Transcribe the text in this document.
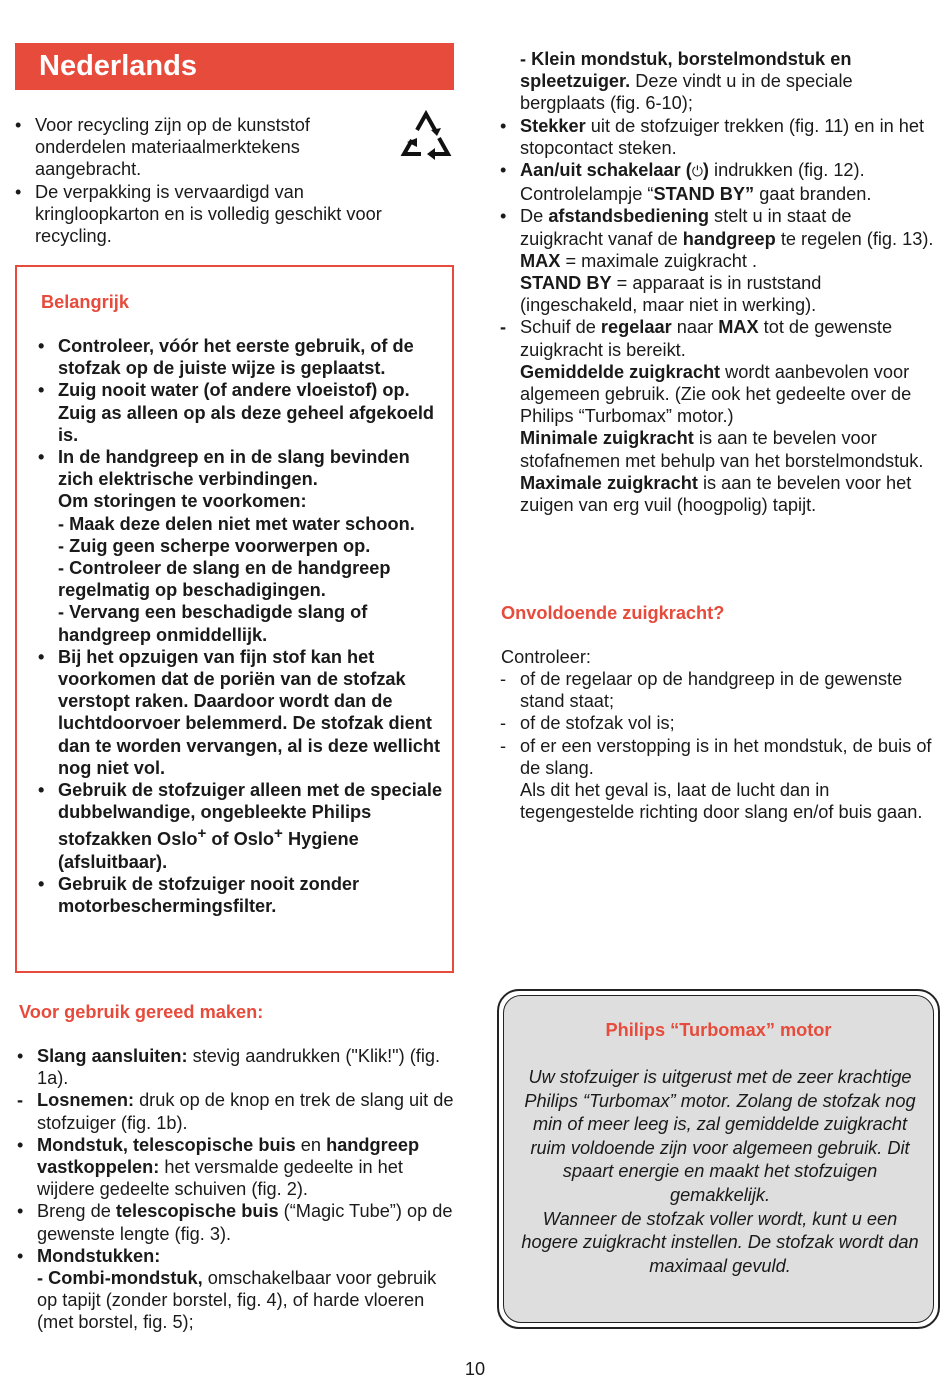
Nederlands
• Voor recycling zijn op de kunststof onderdelen materiaalmerktekens aangebracht.
• De verpakking is vervaardigd van kringloopkarton en is volledig geschikt voor recycling.
Belangrijk
• Controleer, vóór het eerste gebruik, of de stofzak op de juiste wijze is geplaatst.
• Zuig nooit water (of andere vloeistof) op. Zuig as alleen op als deze geheel afgekoeld is.
• In de handgreep en in de slang bevinden zich elektrische verbindingen.
Om storingen te voorkomen:
- Maak deze delen niet met water schoon.
- Zuig geen scherpe voorwerpen op.
- Controleer de slang en de handgreep regelmatig op beschadigingen.
- Vervang een beschadigde slang of handgreep onmiddellijk.
• Bij het opzuigen van fijn stof kan het voorkomen dat de poriën van de stofzak verstopt raken. Daardoor wordt dan de luchtdoorvoer belemmerd. De stofzak dient dan te worden vervangen, al is deze wellicht nog niet vol.
• Gebruik de stofzuiger alleen met de speciale dubbelwandige, ongebleekte Philips stofzakken Oslo+ of Oslo+ Hygiene (afsluitbaar).
• Gebruik de stofzuiger nooit zonder motorbeschermingsfilter.
Voor gebruik gereed maken:
• Slang aansluiten: stevig aandrukken ("Klik!") (fig. 1a).
- Losnemen: druk op de knop en trek de slang uit de stofzuiger (fig. 1b).
• Mondstuk, telescopische buis en handgreep vastkoppelen: het versmalde gedeelte in het wijdere gedeelte schuiven (fig. 2).
• Breng de telescopische buis (“Magic Tube”) op de gewenste lengte (fig. 3).
• Mondstukken:
- Combi-mondstuk, omschakelbaar voor gebruik op tapijt (zonder borstel, fig. 4), of harde vloeren (met borstel, fig. 5);
- Klein mondstuk, borstelmondstuk en spleetzuiger. Deze vindt u in de speciale bergplaats (fig. 6-10);
• Stekker uit de stofzuiger trekken (fig. 11) en in het stopcontact steken.
• Aan/uit schakelaar (⏻) indrukken (fig. 12).
Controlelampje “STAND BY” gaat branden.
• De afstandsbediening stelt u in staat de zuigkracht vanaf de handgreep te regelen (fig. 13).
MAX = maximale zuigkracht .
STAND BY = apparaat is in ruststand (ingeschakeld, maar niet in werking).
- Schuif de regelaar naar MAX tot de gewenste zuigkracht is bereikt.
Gemiddelde zuigkracht wordt aanbevolen voor algemeen gebruik. (Zie ook het gedeelte over de Philips “Turbomax” motor.)
Minimale zuigkracht is aan te bevelen voor stofafnemen met behulp van het borstelmondstuk.
Maximale zuigkracht is aan te bevelen voor het zuigen van erg vuil (hoogpolig) tapijt.
Onvoldoende zuigkracht?
Controleer:
- of de regelaar op de handgreep in de gewenste stand staat;
- of de stofzak vol is;
- of er een verstopping is in het mondstuk, de buis of de slang.
Als dit het geval is, laat de lucht dan in tegengestelde richting door slang en/of buis gaan.
Philips “Turbomax” motor
Uw stofzuiger is uitgerust met de zeer krachtige Philips “Turbomax” motor. Zolang de stofzak nog min of meer leeg is, zal gemiddelde zuigkracht ruim voldoende zijn voor algemeen gebruik. Dit spaart energie en maakt het stofzuigen gemakkelijk.
Wanneer de stofzak voller wordt, kunt u een hogere zuigkracht instellen. De stofzak wordt dan maximaal gevuld.
10
